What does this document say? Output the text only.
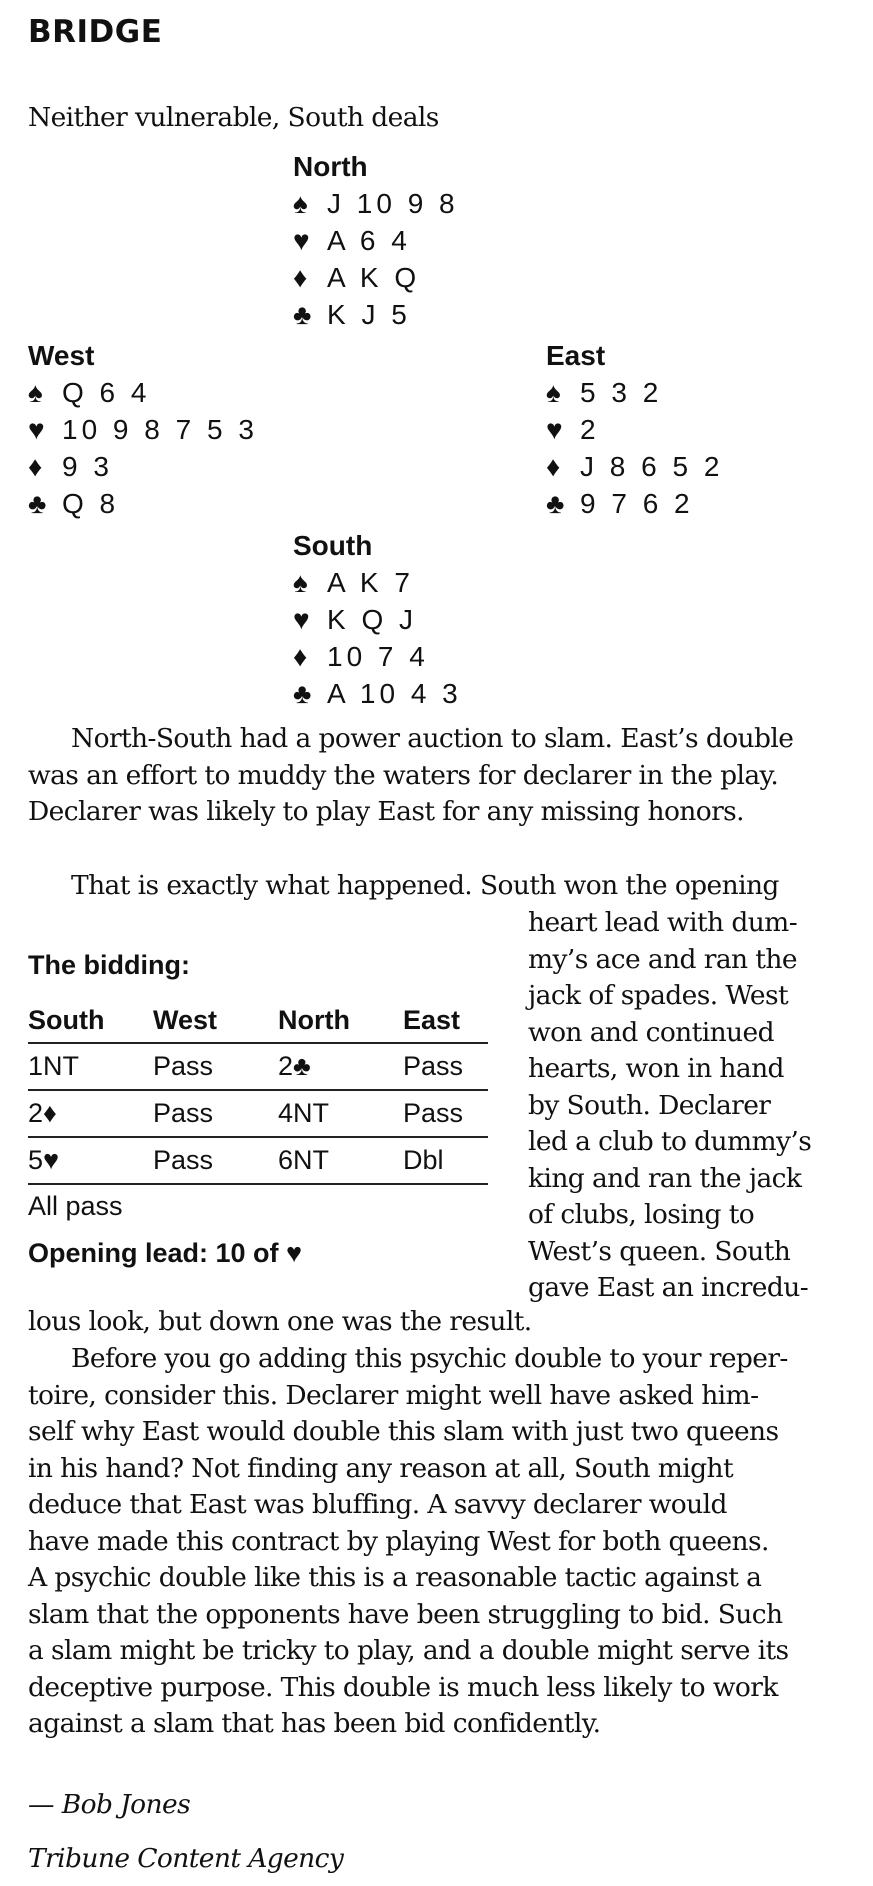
BRIDGE

Neither vulnerable, South deals

North
♠ J 10 9 8
♥ A 6 4
♦ A K Q
♣ K J 5
West
♠ Q 6 4
♥ 10 9 8 7 5 3
♦ 9 3
♣ Q 8
East
♠ 5 3 2
♥ 2
♦ J 8 6 5 2
♣ 9 7 6 2
South
♠ A K 7
♥ K Q J
♦ 10 7 4
♣ A 10 4 3

North-South had a power auction to slam. East’s double was an effort to muddy the waters for declarer in the play. Declarer was likely to play East for any missing honors.

That is exactly what happened. South won the opening

heart lead with dum-
my’s ace and ran the
jack of spades. West
won and continued
hearts, won in hand
by South. Declarer
led a club to dummy’s
king and ran the jack
of clubs, losing to
West’s queen. South
gave East an incredu-
The bidding:
South	West	North	East
1NT	Pass	2♣	Pass
2♦	Pass	4NT	Pass
5♥	Pass	6NT	Dbl
All pass
Opening lead: 10 of ♥

lous look, but down one was the result.

Before you go adding this psychic double to your reper-
toire, consider this. Declarer might well have asked him-
self why East would double this slam with just two queens
in his hand? Not finding any reason at all, South might
deduce that East was bluffing. A savvy declarer would
have made this contract by playing West for both queens.
A psychic double like this is a reasonable tactic against a
slam that the opponents have been struggling to bid. Such
a slam might be tricky to play, and a double might serve its
deceptive purpose. This double is much less likely to work
against a slam that has been bid confidently.
— Bob Jones
Tribune Content Agency
